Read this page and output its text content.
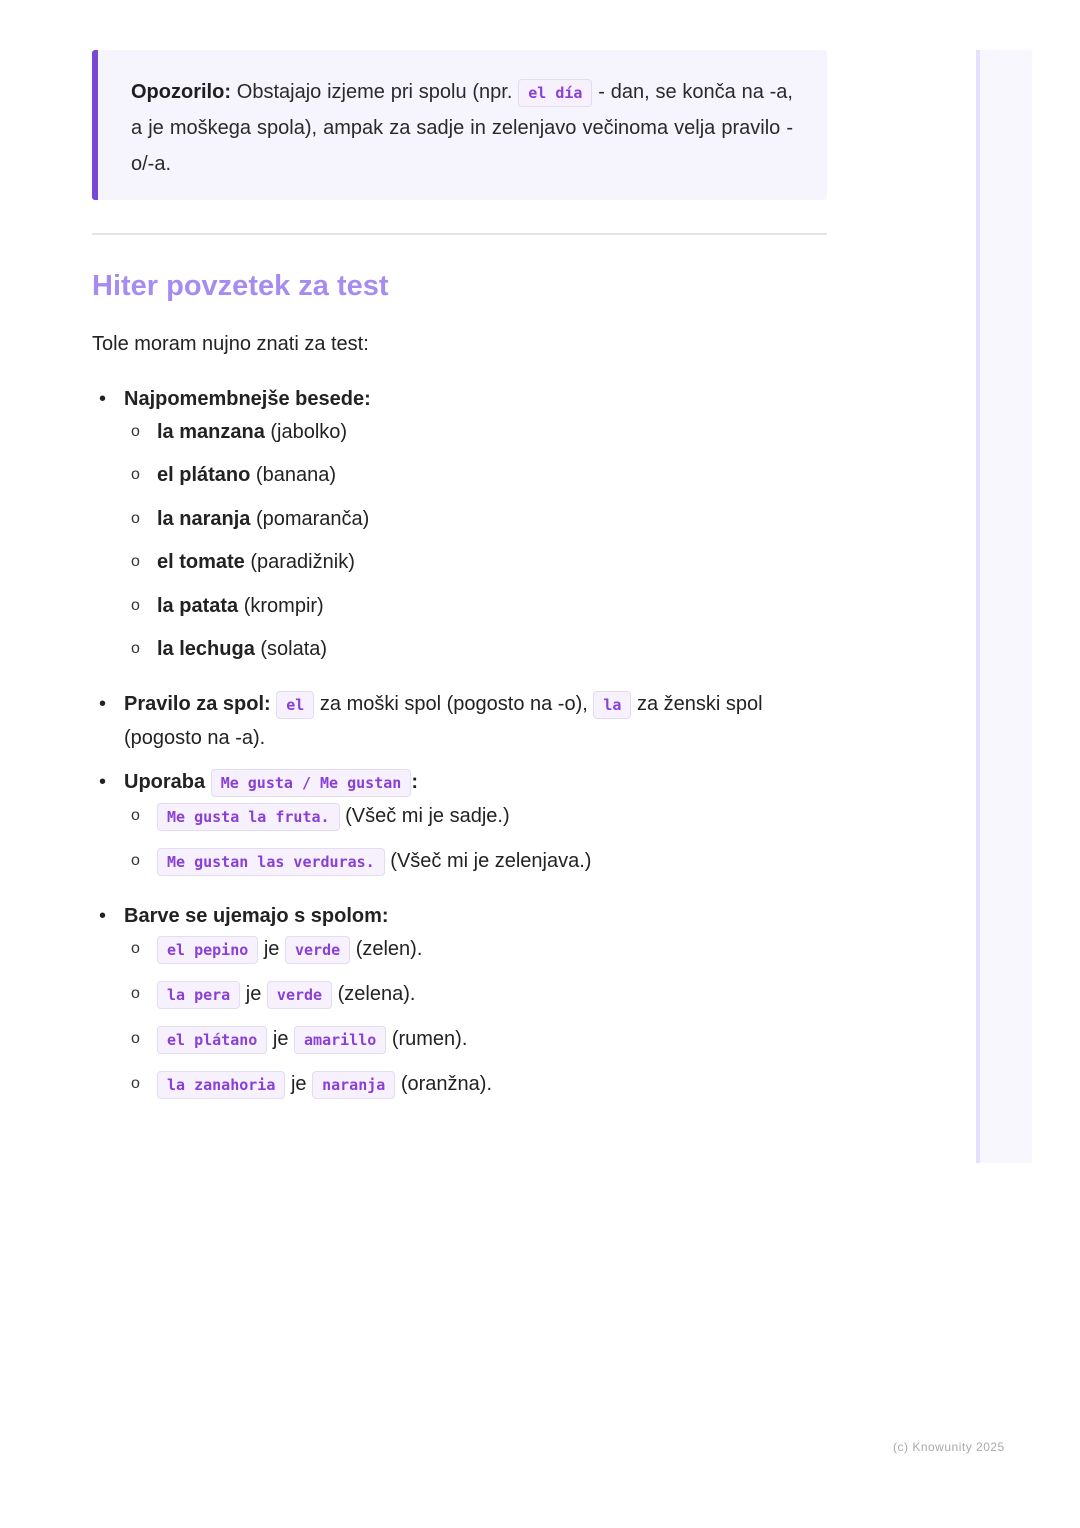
Opozorilo: Obstajajo izjeme pri spolu (npr. el día - dan, se konča na -a, a je moškega spola), ampak za sadje in zelenjavo večinoma velja pravilo -o/-a.
Hiter povzetek za test
Tole moram nujno znati za test:
• Najpomembnejše besede:
o la manzana (jabolko)
o el plátano (banana)
o la naranja (pomaranča)
o el tomate (paradižnik)
o la patata (krompir)
o la lechuga (solata)
• Pravilo za spol: el za moški spol (pogosto na -o), la za ženski spol
(pogosto na -a).
• Uporaba Me gusta / Me gustan :
o	Me gusta la fruta. (Všeč mi je sadje.)
o	Me gustan las verduras. (Všeč mi je zelenjava.)
• Barve se ujemajo s spolom:
o	el pepino je verde (zelen).
o	la pera je verde (zelena).
o	el plátano je amarillo (rumen).
o	la zanahoria je naranja (oranžna).
(c) Knowunity 2025
